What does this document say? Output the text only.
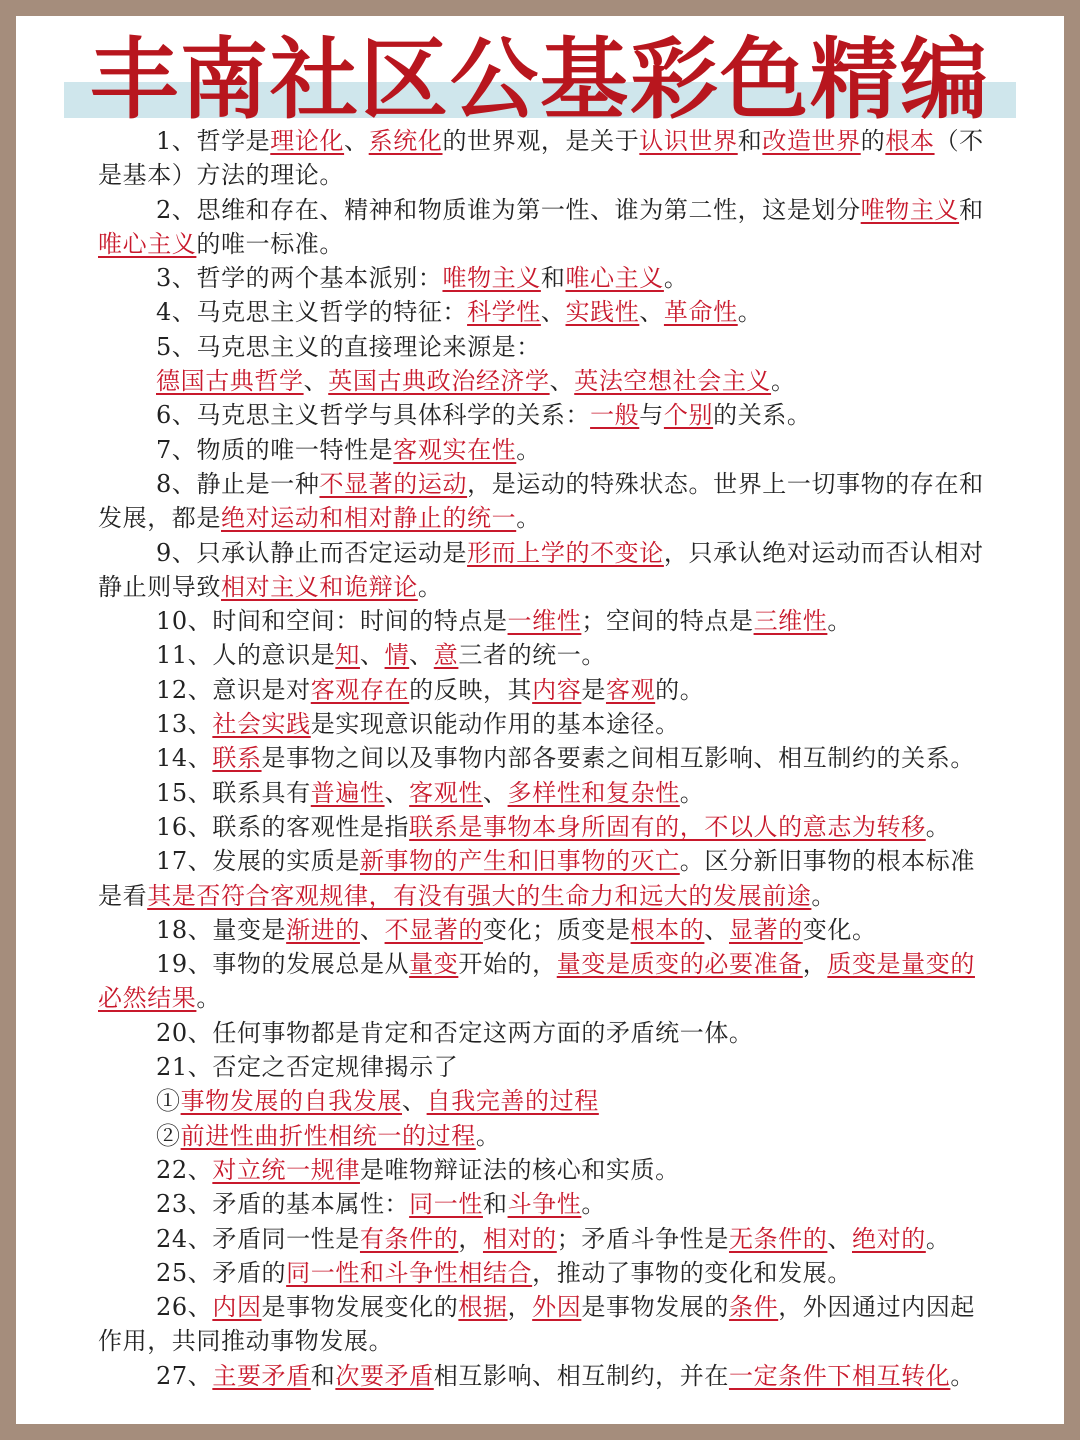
丰南社区公基彩色精编

1、哲学是理论化、系统化的世界观，是关于认识世界和改造世界的根本（不是基本）方法的理论。

2、思维和存在、精神和物质谁为第一性、谁为第二性，这是划分唯物主义和唯心主义的唯一标准。

3、哲学的两个基本派别：唯物主义和唯心主义。

4、马克思主义哲学的特征：科学性、实践性、革命性。

5、马克思主义的直接理论来源是：

德国古典哲学、英国古典政治经济学、英法空想社会主义。

6、马克思主义哲学与具体科学的关系：一般与个别的关系。

7、物质的唯一特性是客观实在性。

8、静止是一种不显著的运动，是运动的特殊状态。世界上一切事物的存在和发展，都是绝对运动和相对静止的统一。

9、只承认静止而否定运动是形而上学的不变论，只承认绝对运动而否认相对静止则导致相对主义和诡辩论。

10、时间和空间：时间的特点是一维性；空间的特点是三维性。

11、人的意识是知、情、意三者的统一。

12、意识是对客观存在的反映，其内容是客观的。

13、社会实践是实现意识能动作用的基本途径。

14、联系是事物之间以及事物内部各要素之间相互影响、相互制约的关系。

15、联系具有普遍性、客观性、多样性和复杂性。

16、联系的客观性是指联系是事物本身所固有的，不以人的意志为转移。

17、发展的实质是新事物的产生和旧事物的灭亡。区分新旧事物的根本标准是看其是否符合客观规律，有没有强大的生命力和远大的发展前途。

18、量变是渐进的、不显著的变化；质变是根本的、显著的变化。

19、事物的发展总是从量变开始的，量变是质变的必要准备，质变是量变的必然结果。

20、任何事物都是肯定和否定这两方面的矛盾统一体。

21、否定之否定规律揭示了

①事物发展的自我发展、自我完善的过程

②前进性曲折性相统一的过程。

22、对立统一规律是唯物辩证法的核心和实质。

23、矛盾的基本属性：同一性和斗争性。

24、矛盾同一性是有条件的，相对的；矛盾斗争性是无条件的、绝对的。

25、矛盾的同一性和斗争性相结合，推动了事物的变化和发展。

26、内因是事物发展变化的根据，外因是事物发展的条件，外因通过内因起作用，共同推动事物发展。

27、主要矛盾和次要矛盾相互影响、相互制约，并在一定条件下相互转化。
